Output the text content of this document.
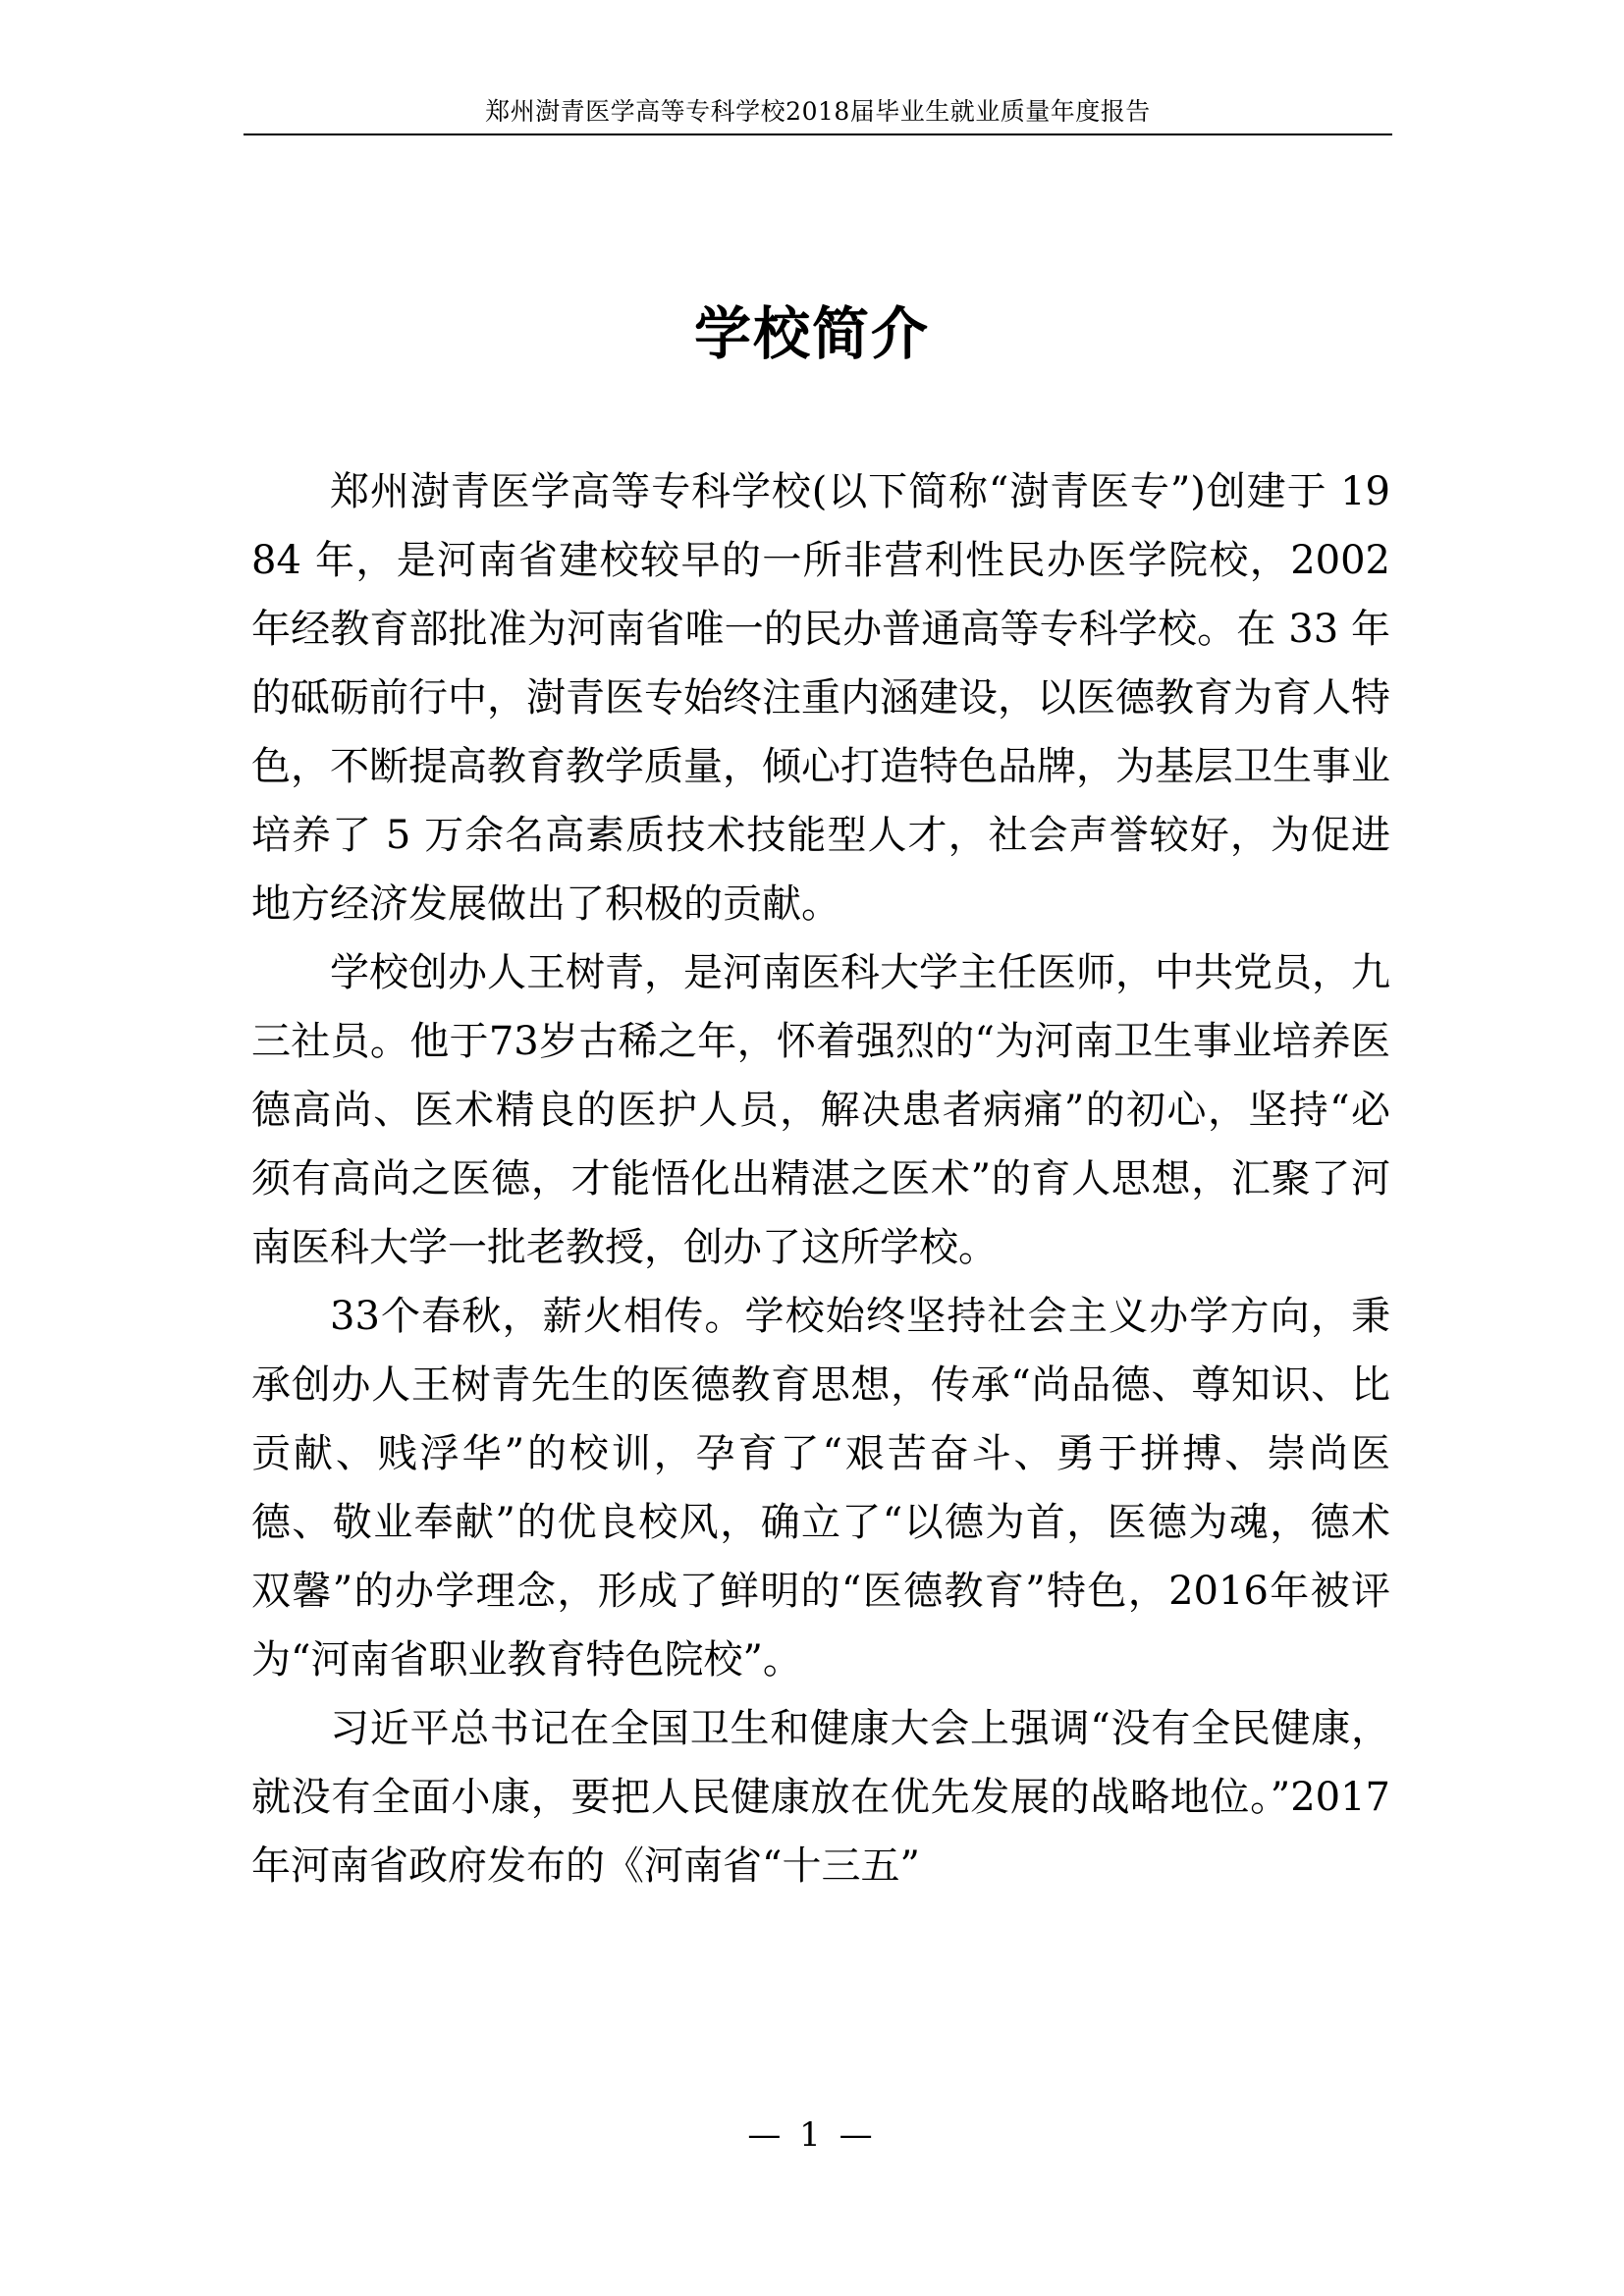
郑州澍青医学高等专科学校2018届毕业生就业质量年度报告
学校简介

郑州澍青医学高等专科学校(以下简称“澍青医专”)创建于 1984 年，是河南省建校较早的一所非营利性民办医学院校，2002 年经教育部批准为河南省唯一的民办普通高等专科学校。在 33 年的砥砺前行中，澍青医专始终注重内涵建设，以医德教育为育人特色，不断提高教育教学质量，倾心打造特色品牌，为基层卫生事业培养了 5 万余名高素质技术技能型人才，社会声誉较好，为促进地方经济发展做出了积极的贡献。

学校创办人王树青，是河南医科大学主任医师，中共党员，九三社员。他于73岁古稀之年，怀着强烈的“为河南卫生事业培养医德高尚、医术精良的医护人员，解决患者病痛”的初心，坚持“必须有高尚之医德，才能悟化出精湛之医术”的育人思想，汇聚了河南医科大学一批老教授，创办了这所学校。

33个春秋，薪火相传。学校始终坚持社会主义办学方向，秉承创办人王树青先生的医德教育思想，传承“尚品德、尊知识、比贡献、贱浮华”的校训，孕育了“艰苦奋斗、勇于拼搏、崇尚医德、敬业奉献”的优良校风，确立了“以德为首，医德为魂，德术双馨”的办学理念，形成了鲜明的“医德教育”特色，2016年被评为“河南省职业教育特色院校”。

习近平总书记在全国卫生和健康大会上强调“没有全民健康，就没有全面小康，要把人民健康放在优先发展的战略地位。”2017 年河南省政府发布的《河南省“十三五”

— 1 —
